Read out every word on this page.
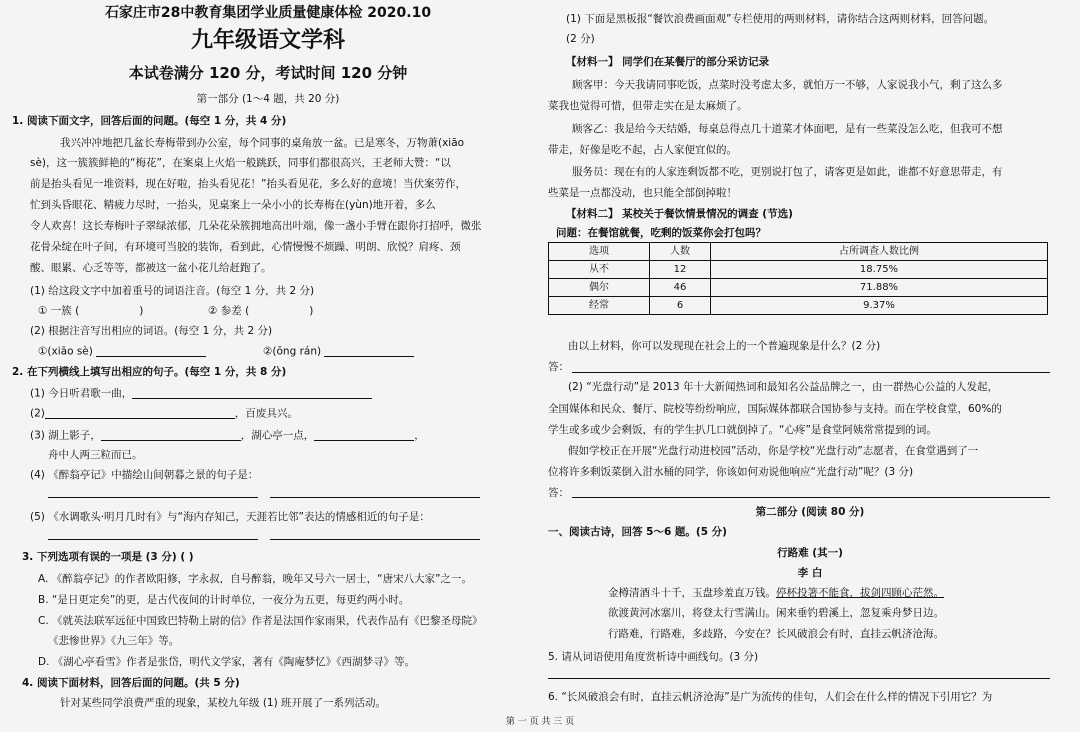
石家庄市28中教育集团学业质量健康体检 2020.10
九年级语文学科
本试卷满分 120 分，考试时间 120 分钟
第一部分 (1～4 题，共 20 分)
1. 阅读下面文字，回答后面的问题。(每空 1 分，共 4 分)
我兴冲冲地把几盆长寿梅带到办公室，每个同事的桌角放一盆。已是寒冬，万物萧(xiāo
sè)，这一簇簇鲜艳的“梅花”，在案桌上火焰一般跳跃，同事们都很高兴，王老师大赞：“以
前是抬头看见一堆资料，现在好啦，抬头看见花！”抬头看见花，多么好的意境！当伏案劳作，
忙到头昏眼花、精疲力尽时，一抬头，见桌案上一朵小小的长寿梅在(yùn)地开着，多么
令人欢喜！这长寿梅叶子翠绿浓郁，几朵花朵簇拥地高出叶端，像一盏小手臂在跟你打招呼，微张
花骨朵绽在叶子间，有环境可当胶的装饰，看到此，心情慢慢不烦躁、明朗、欣悦？肩疼、颈
酸、眼累、心乏等等，都被这一盆小花儿给赶跑了。
(1) 给这段文字中加着重号的词语注音。(每空 1 分，共 2 分)
① 一簇 (	)	② 参差 (	)
(2) 根据注音写出相应的词语。(每空 1 分，共 2 分)
①(xiāo sè)	②(ōng rán)
2. 在下列横线上填写出相应的句子。(每空 1 分，共 8 分)
(1) 今日听君歌一曲，
(2)	，百废具兴。
(3) 湖上影子，	，湖心亭一点，	，
舟中人两三粒而已。
(4) 《醉翁亭记》中描绘山间朝暮之景的句子是：
(5) 《水调歌头·明月几时有》与“海内存知己，天涯若比邻”表达的情感相近的句子是：
3. 下列选项有误的一项是 (3 分) ( )
A. 《醉翁亭记》的作者欧阳修，字永叔，自号醉翁，晚年又号六一居士，“唐宋八大家”之一。
B. “是日更定矣”的更，是古代夜间的计时单位，一夜分为五更，每更约两小时。
C. 《就英法联军远征中国致巴特勒上尉的信》作者是法国作家雨果，代表作品有《巴黎圣母院》
《悲惨世界》《九三年》等。
D. 《湖心亭看雪》作者是张岱，明代文学家，著有《陶庵梦忆》《西湖梦寻》等。
4. 阅读下面材料，回答后面的问题。(共 5 分)
针对某些同学浪费严重的现象，某校九年级 (1) 班开展了一系列活动。
(1) 下面是黑板报“餐饮浪费画面观”专栏使用的两则材料，请你结合这两则材料，回答问题。
(2 分)
【材料一】 同学们在某餐厅的部分采访记录
顾客甲：今天我请同事吃饭，点菜时没考虑太多，就怕万一不够，人家说我小气，剩了这么多
菜我也觉得可惜，但带走实在是太麻烦了。
顾客乙：我是给今天结婚，每桌总得点几十道菜才体面吧，是有一些菜没怎么吃，但我可不想
带走，好像是吃不起，占人家便宜似的。
服务员：现在有的人家连剩饭都不吃，更别说打包了，请客更是如此，谁都不好意思带走，有
些菜是一点都没动，也只能全部倒掉啦！
【材料二】 某校关于餐饮情景情况的调查 (节选)
问题：在餐馆就餐，吃剩的饭菜你会打包吗？
选项	人数	占所调查人数比例
从不	12	18.75%
偶尔	46	71.88%
经常	6	9.37%
由以上材料，你可以发现现在社会上的一个普遍现象是什么？(2 分)
答：
(2) “光盘行动”是 2013 年十大新闻热词和最知名公益品牌之一，由一群热心公益的人发起，
全国媒体和民众、餐厅、院校等纷纷响应，国际媒体都联合国协参与支持。而在学校食堂，60%的
学生或多或少会剩饭，有的学生扒几口就倒掉了。“心疼”是食堂阿姨常常提到的词。
假如学校正在开展“光盘行动进校园”活动，你是学校“光盘行动”志愿者，在食堂遇到了一
位将许多剩饭菜倒入泔水桶的同学，你该如何劝说他响应“光盘行动”呢？(3 分)
答：
第二部分 (阅读 80 分)
一、阅读古诗，回答 5～6 题。(5 分)
行路难 (其一)
李 白
金樽清酒斗十千，玉盘珍羞直万钱。停杯投箸不能食，拔剑四顾心茫然。
欲渡黄河冰塞川，将登太行雪满山。闲来垂钓碧溪上，忽复乘舟梦日边。
行路难，行路难，多歧路，今安在？长风破浪会有时，直挂云帆济沧海。
5. 请从词语使用角度赏析诗中画线句。(3 分)
6. “长风破浪会有时，直挂云帆济沧海”是广为流传的佳句，人们会在什么样的情况下引用它？为
第 一 页 共 三 页
